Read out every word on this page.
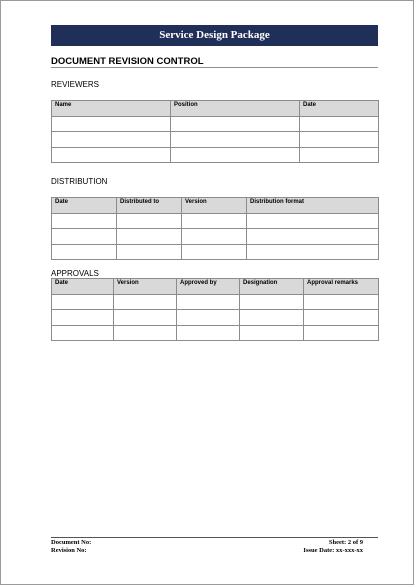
Service Design Package
DOCUMENT REVISION CONTROL
REVIEWERS
Name	Position	Date

DISTRIBUTION
Date	Distributed to	Version	Distribution format

APPROVALS
Date	Version	Approved by	Designation	Approval remarks

Document No:
Revision No:
Sheet: 2 of 9
Issue Date: xx-xxx-xx
